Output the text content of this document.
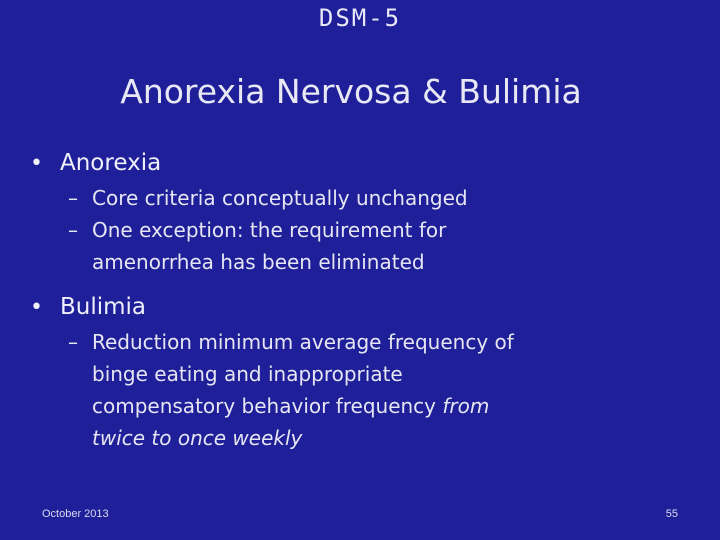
DSM-5
Anorexia Nervosa & Bulimia
• Anorexia
– Core criteria conceptually unchanged
– One exception: the requirement for amenorrhea has been eliminated
• Bulimia
– Reduction minimum average frequency of binge eating and inappropriate compensatory behavior frequency from twice to once weekly
October 2013	55
